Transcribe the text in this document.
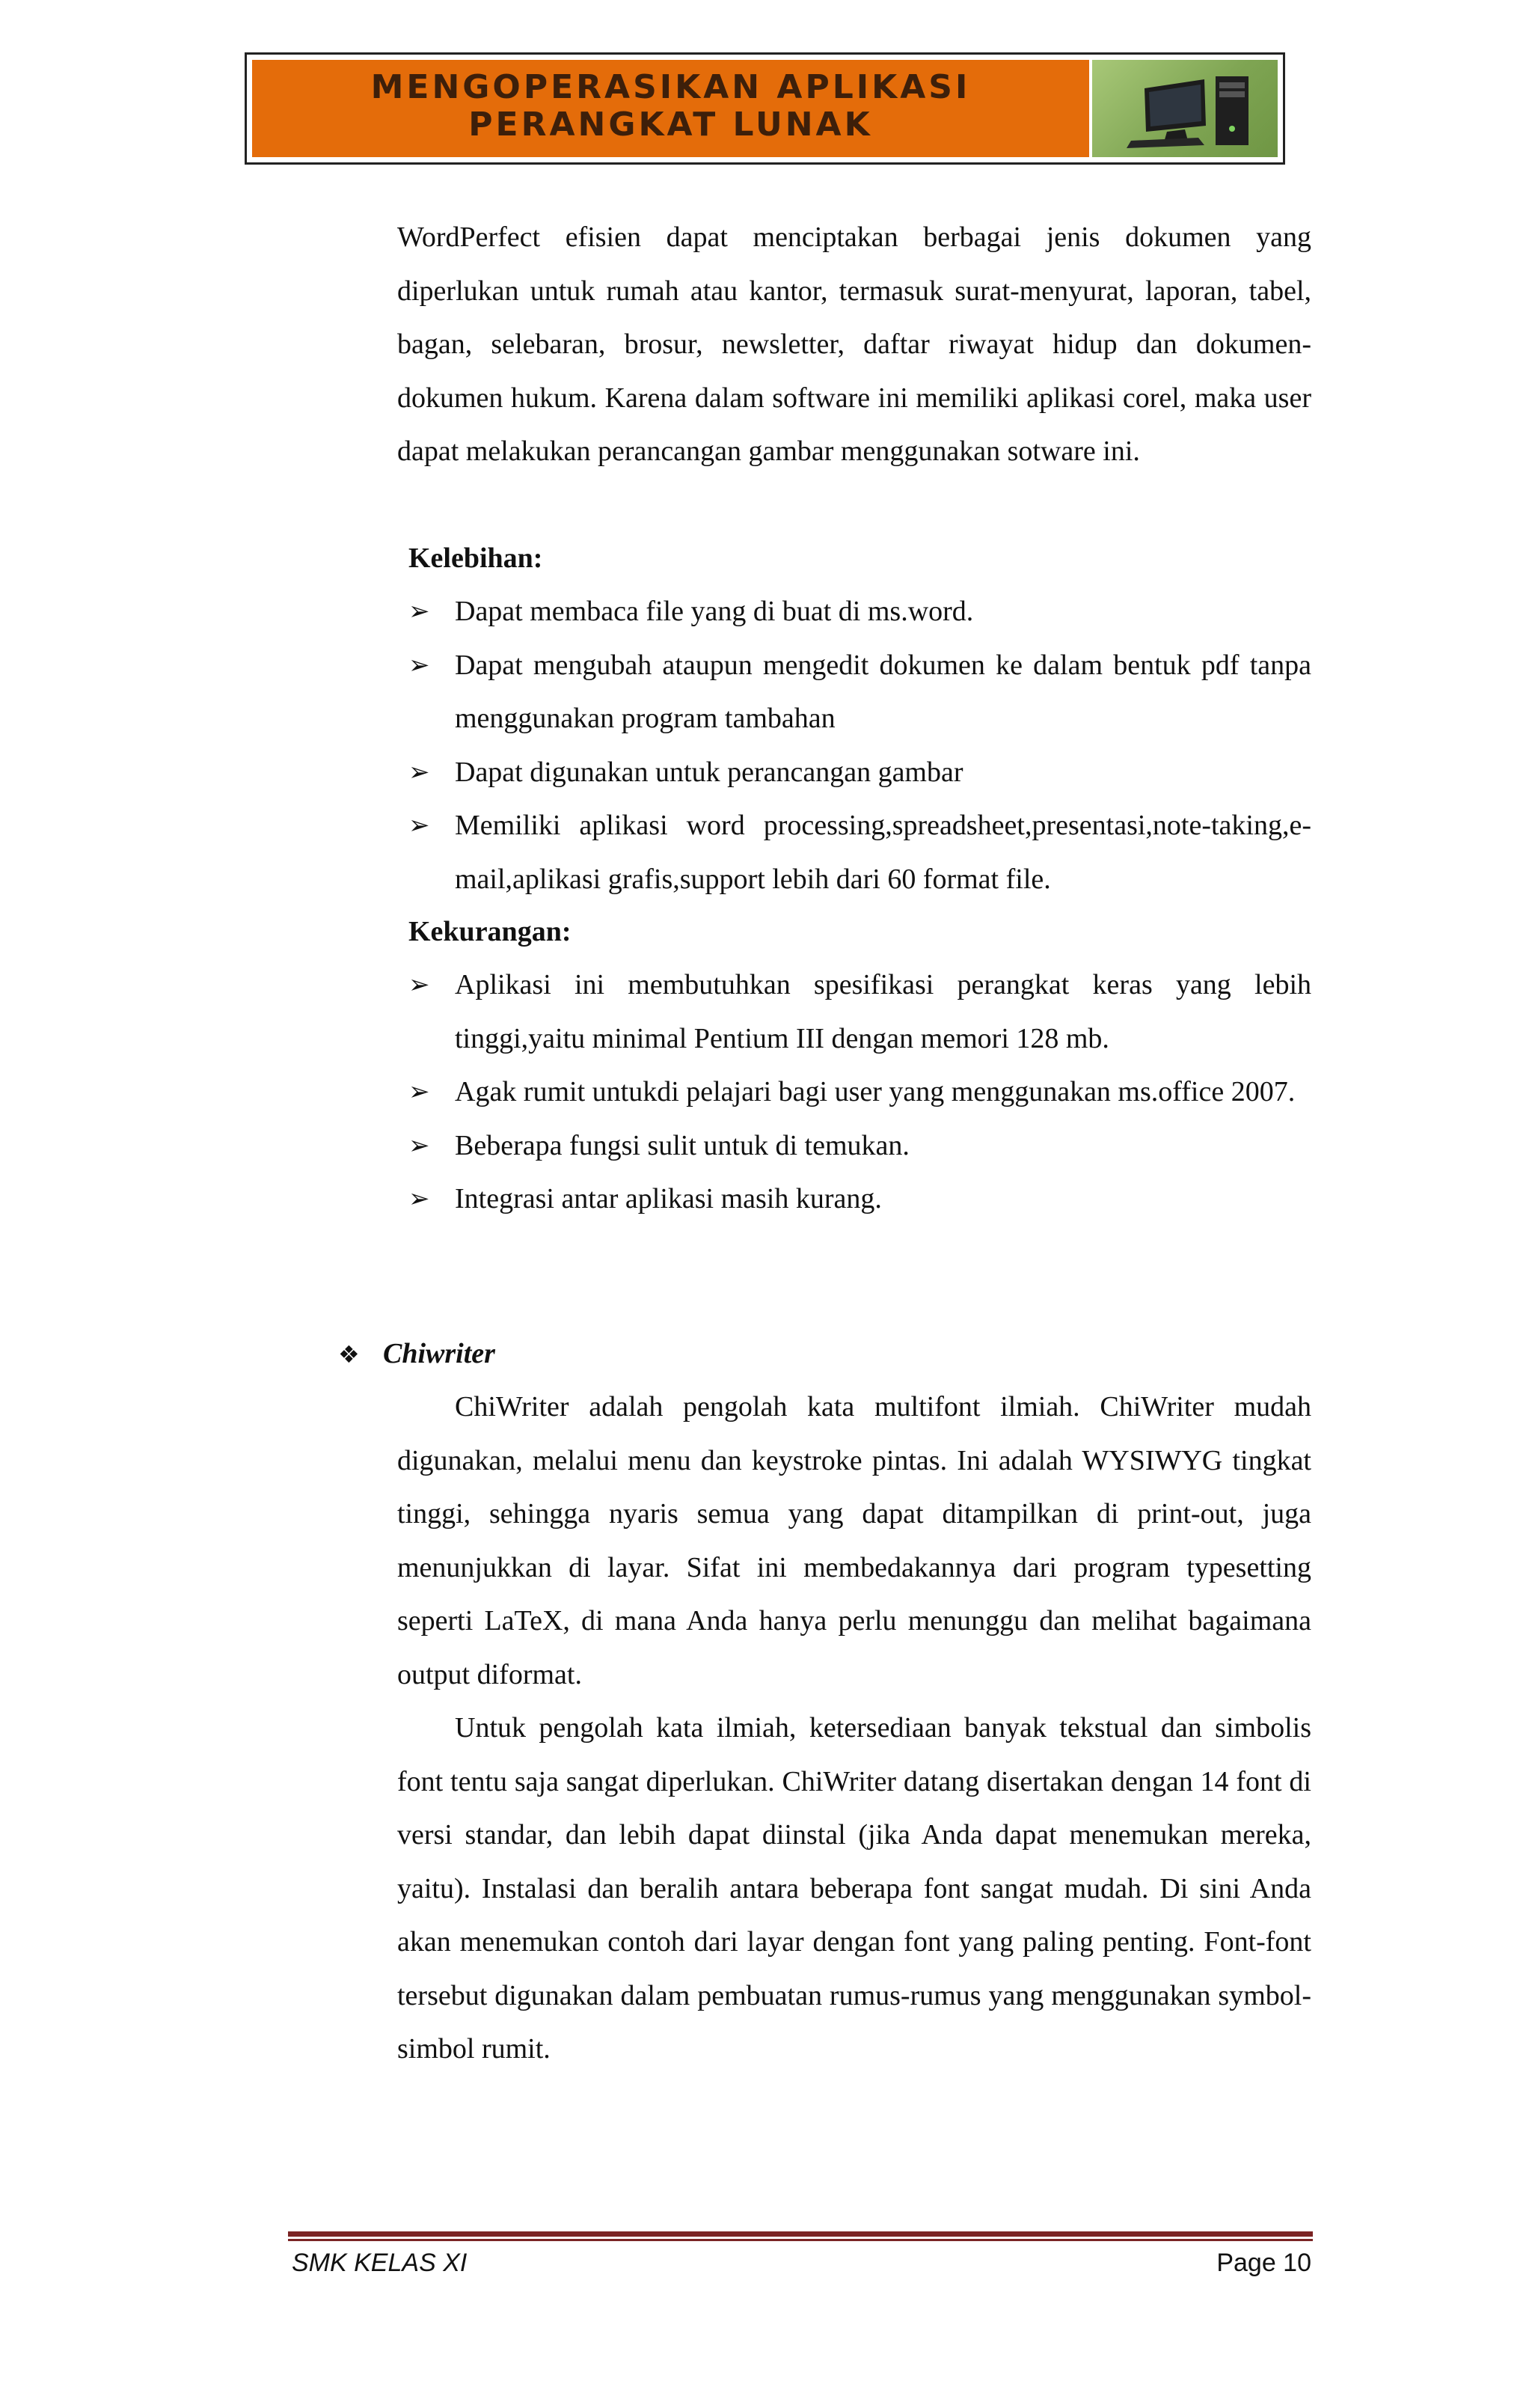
MENGOPERASIKAN APLIKASI
PERANGKAT LUNAK

WordPerfect efisien dapat menciptakan berbagai jenis dokumen yang diperlukan untuk rumah atau kantor, termasuk surat-menyurat, laporan, tabel, bagan, selebaran, brosur, newsletter, daftar riwayat hidup dan dokumen-dokumen hukum. Karena dalam software ini memiliki aplikasi corel, maka user dapat melakukan perancangan gambar menggunakan sotware ini.

Kelebihan:
➢ Dapat membaca file yang di buat di ms.word.
➢ Dapat mengubah ataupun mengedit dokumen ke dalam bentuk pdf tanpa menggunakan program tambahan
➢ Dapat digunakan untuk perancangan gambar
➢ Memiliki aplikasi word processing,spreadsheet,presentasi,note-taking,e-mail,aplikasi grafis,support lebih dari 60 format file.
Kekurangan:
➢ Aplikasi ini membutuhkan spesifikasi perangkat keras yang lebih tinggi,yaitu minimal Pentium III dengan memori 128 mb.
➢ Agak rumit untukdi pelajari bagi user yang menggunakan ms.office 2007.
➢ Beberapa fungsi sulit untuk di temukan.
➢ Integrasi antar aplikasi masih kurang.
❖ Chiwriter

ChiWriter adalah pengolah kata multifont ilmiah. ChiWriter mudah digunakan, melalui menu dan keystroke pintas. Ini adalah WYSIWYG tingkat tinggi, sehingga nyaris semua yang dapat ditampilkan di print-out, juga menunjukkan di layar. Sifat ini membedakannya dari program typesetting seperti LaTeX, di mana Anda hanya perlu menunggu dan melihat bagaimana output diformat.

Untuk pengolah kata ilmiah, ketersediaan banyak tekstual dan simbolis font tentu saja sangat diperlukan. ChiWriter datang disertakan dengan 14 font di versi standar, dan lebih dapat diinstal (jika Anda dapat menemukan mereka, yaitu). Instalasi dan beralih antara beberapa font sangat mudah. Di sini Anda akan menemukan contoh dari layar dengan font yang paling penting. Font-font tersebut digunakan dalam pembuatan rumus-rumus yang menggunakan symbol-simbol rumit.

SMK KELAS XI	Page 10
